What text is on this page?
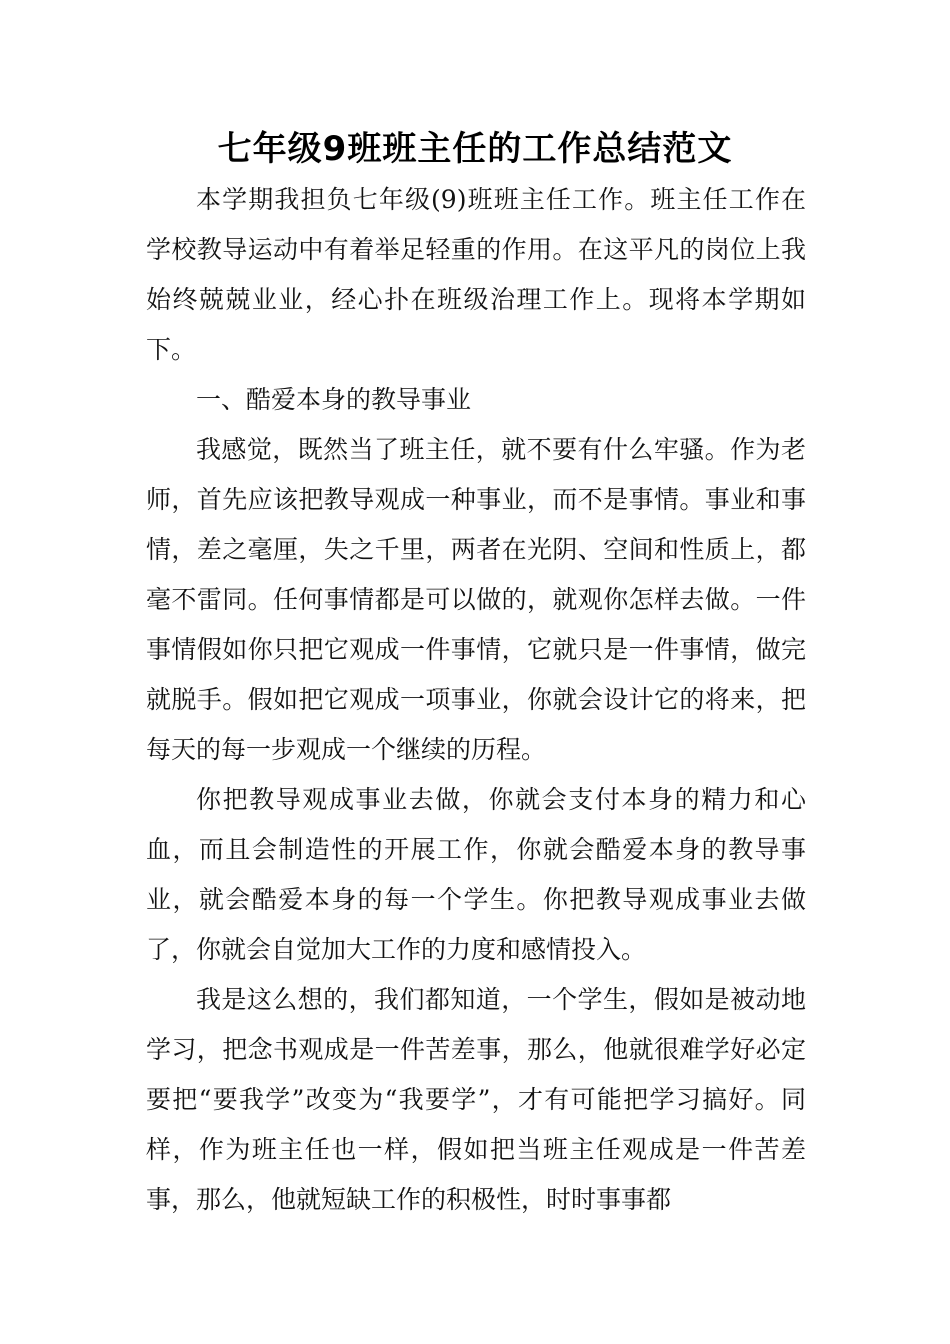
七年级9班班主任的工作总结范文

本学期我担负七年级(9)班班主任工作。班主任工作在学校教导运动中有着举足轻重的作用。在这平凡的岗位上我始终兢兢业业，经心扑在班级治理工作上。现将本学期如下。

一、酷爱本身的教导事业

我感觉，既然当了班主任，就不要有什么牢骚。作为老师，首先应该把教导观成一种事业，而不是事情。事业和事情，差之毫厘，失之千里，两者在光阴、空间和性质上，都毫不雷同。任何事情都是可以做的，就观你怎样去做。一件事情假如你只把它观成一件事情，它就只是一件事情，做完就脱手。假如把它观成一项事业，你就会设计它的将来，把每天的每一步观成一个继续的历程。

你把教导观成事业去做，你就会支付本身的精力和心血，而且会制造性的开展工作，你就会酷爱本身的教导事业，就会酷爱本身的每一个学生。你把教导观成事业去做了，你就会自觉加大工作的力度和感情投入。

我是这么想的，我们都知道，一个学生，假如是被动地学习，把念书观成是一件苦差事，那么，他就很难学好必定要把“要我学”改变为“我要学”，才有可能把学习搞好。同样，作为班主任也一样，假如把当班主任观成是一件苦差事，那么，他就短缺工作的积极性，时时事事都
